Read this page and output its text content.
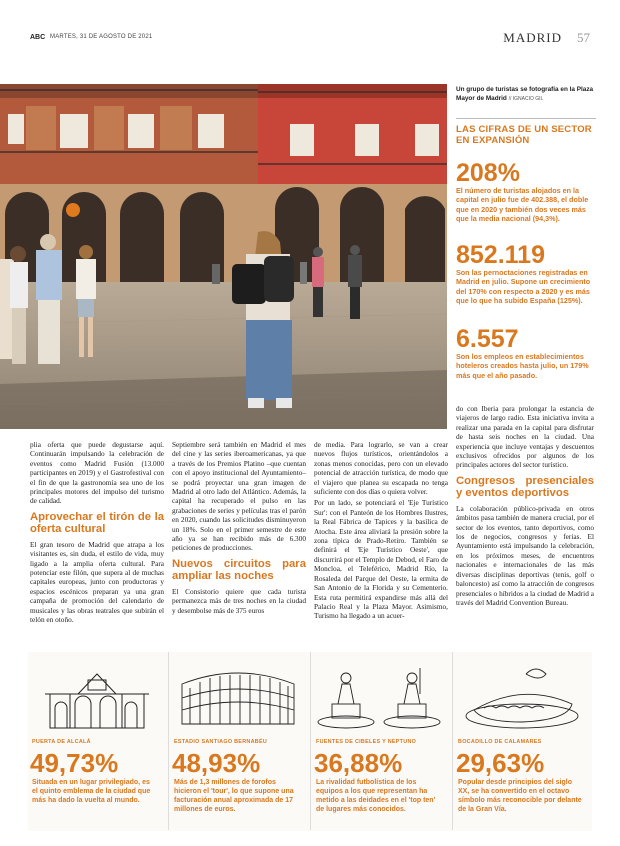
ABC MARTES, 31 DE AGOSTO DE 2021	MADRID 57
Un grupo de turistas se fotografía en la Plaza Mayor de Madrid // IGNACIO GIL
LAS CIFRAS DE UN SECTOR EN EXPANSIÓN
208%
El número de turistas alojados en la capital en julio fue de 402.388, el doble que en 2020 y también dos veces más que la media nacional (94,3%).
852.119
Son las pernoctaciones registradas en Madrid en julio. Supone un crecimiento del 170% con respecto a 2020 y es más que lo que ha subido España (125%).
6.557
Son los empleos en establecimientos hoteleros creados hasta julio, un 179% más que el año pasado.

plia oferta que puede degustarse aquí. Continuarán impulsando la celebración de eventos como Madrid Fusión (13.000 participantes en 2019) y el Gastrofestival con el fin de que la gastronomía sea uno de los principales motores del impulso del turismo de calidad.

Aprovechar el tirón de la oferta cultural

El gran tesoro de Madrid que atrapa a los visitantes es, sin duda, el estilo de vida, muy ligado a la amplia oferta cultural. Para potenciar este filón, que supera al de muchas capitales europeas, junto con productoras y espacios escénicos preparan ya una gran campaña de promoción del calendario de musicales y las obras teatrales que subirán el telón en otoño.

Septiembre será también en Madrid el mes del cine y las series iberoamericanas, ya que a través de los Premios Platino –que cuentan con el apoyo institucional del Ayuntamiento– se podrá proyectar una gran imagen de Madrid al otro lado del Atlántico. Además, la capital ha recuperado el pulso en las grabaciones de series y películas tras el parón en 2020, cuando las solicitudes disminuyeron un 18%. Solo en el primer semestre de este año ya se han recibido más de 6.300 peticiones de producciones.

Nuevos circuitos para ampliar las noches

El Consistorio quiere que cada turista permanezca más de tres noches en la ciudad y desembolse más de 375 euros

de media. Para lograrlo, se van a crear nuevos flujos turísticos, orientándolos a zonas menos conocidas, pero con un elevado potencial de atracción turística, de modo que el viajero que planea su escapada no tenga suficiente con dos días o quiera volver.

Por un lado, se potenciará el 'Eje Turístico Sur': con el Panteón de los Hombres Ilustres, la Real Fábrica de Tapices y la basílica de Atocha. Este área aliviará la presión sobre la zona típica de Prado-Retiro. También se definirá el 'Eje Turístico Oeste', que discurrirá por el Templo de Debod, el Faro de Moncloa, el Teleférico, Madrid Río, la Rosaleda del Parque del Oeste, la ermita de San Antonio de la Florida y su Cementerio. Esta ruta permitirá expandirse más allá del Palacio Real y la Plaza Mayor. Asimismo, Turismo ha llegado a un acuer-

do con Iberia para prolongar la estancia de viajeros de largo radio. Esta iniciativa invita a realizar una parada en la capital para disfrutar de hasta seis noches en la ciudad. Una experiencia que incluye ventajas y descuentos exclusivos ofrecidos por algunos de los principales actores del sector turístico.

Congresos presenciales y eventos deportivos

La colaboración público-privada en otros ámbitos pasa también de manera crucial, por el sector de los eventos, tanto deportivos, como los de negocios, congresos y ferias. El Ayuntamiento está impulsando la celebración, en los próximos meses, de encuentros nacionales e internacionales de las más diversas disciplinas deportivas (tenis, golf o baloncesto) así como la atracción de congresos presenciales o híbridos a la ciudad de Madrid a través del Madrid Convention Bureau.

PUERTA DE ALCALÁ
49,73%
Situada en un lugar privilegiado, es el quinto emblema de la ciudad que más ha dado la vuelta al mundo.
ESTADIO SANTIAGO BERNABÉU
48,93%
Más de 1,3 millones de forofos hicieron el 'tour', lo que supone una facturación anual aproximada de 17 millones de euros.
FUENTES DE CIBELES Y NEPTUNO
36,88%
La rivalidad futbolística de los equipos a los que representan ha metido a las deidades en el 'top ten' de lugares más conocidos.
BOCADILLO DE CALAMARES
29,63%
Popular desde principios del siglo XX, se ha convertido en el octavo símbolo más reconocible por delante de la Gran Vía.
